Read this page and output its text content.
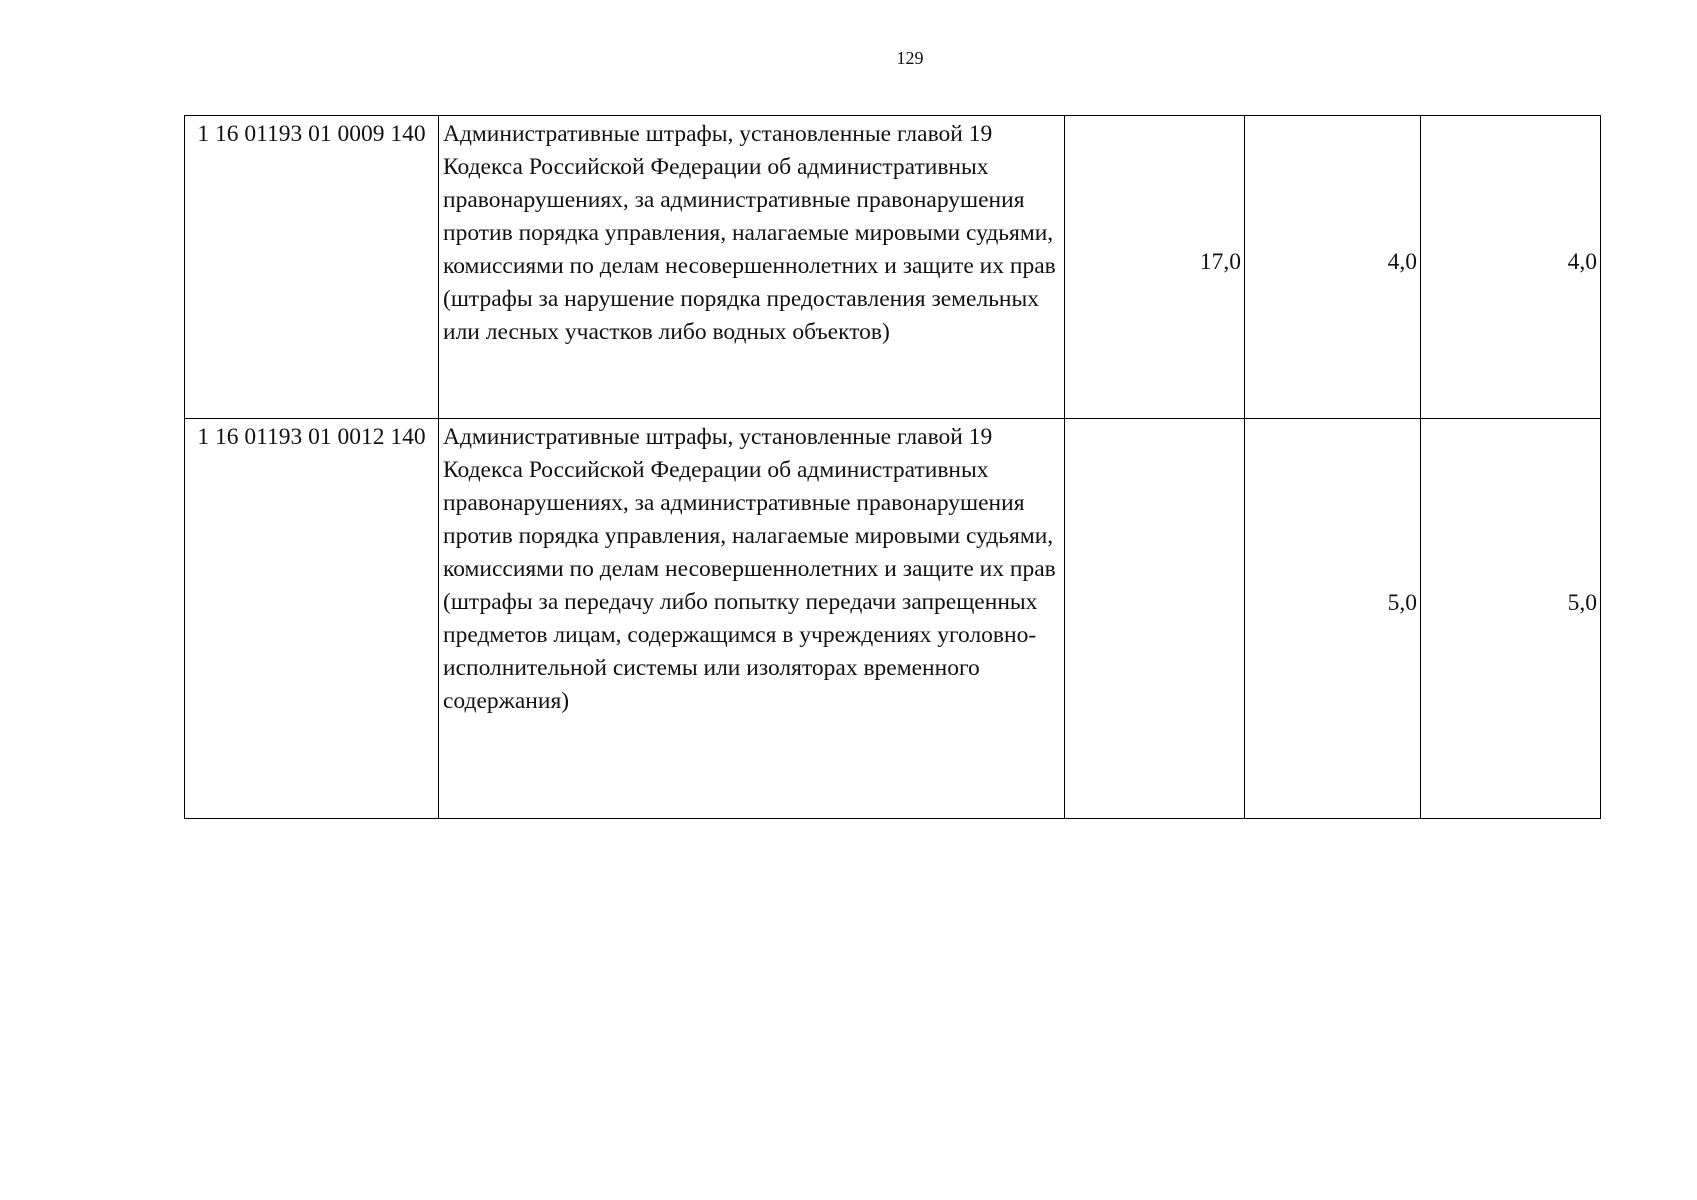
129
1 16 01193 01 0009 140	Административные штрафы, установленные главой 19 Кодекса Российской Федерации об административных правонарушениях, за административные правонарушения против порядка управления, налагаемые мировыми судьями, комиссиями по делам несовершеннолетних и защите их прав (штрафы за нарушение порядка предоставления земельных или лесных участков либо водных объектов)	17,0	4,0	4,0
1 16 01193 01 0012 140	Административные штрафы, установленные главой 19 Кодекса Российской Федерации об административных правонарушениях, за административные правонарушения против порядка управления, налагаемые мировыми судьями, комиссиями по делам несовершеннолетних и защите их прав (штрафы за передачу либо попытку передачи запрещенных предметов лицам, содержащимся в учреждениях уголовно-исполнительной системы или изоляторах временного содержания)		5,0	5,0
